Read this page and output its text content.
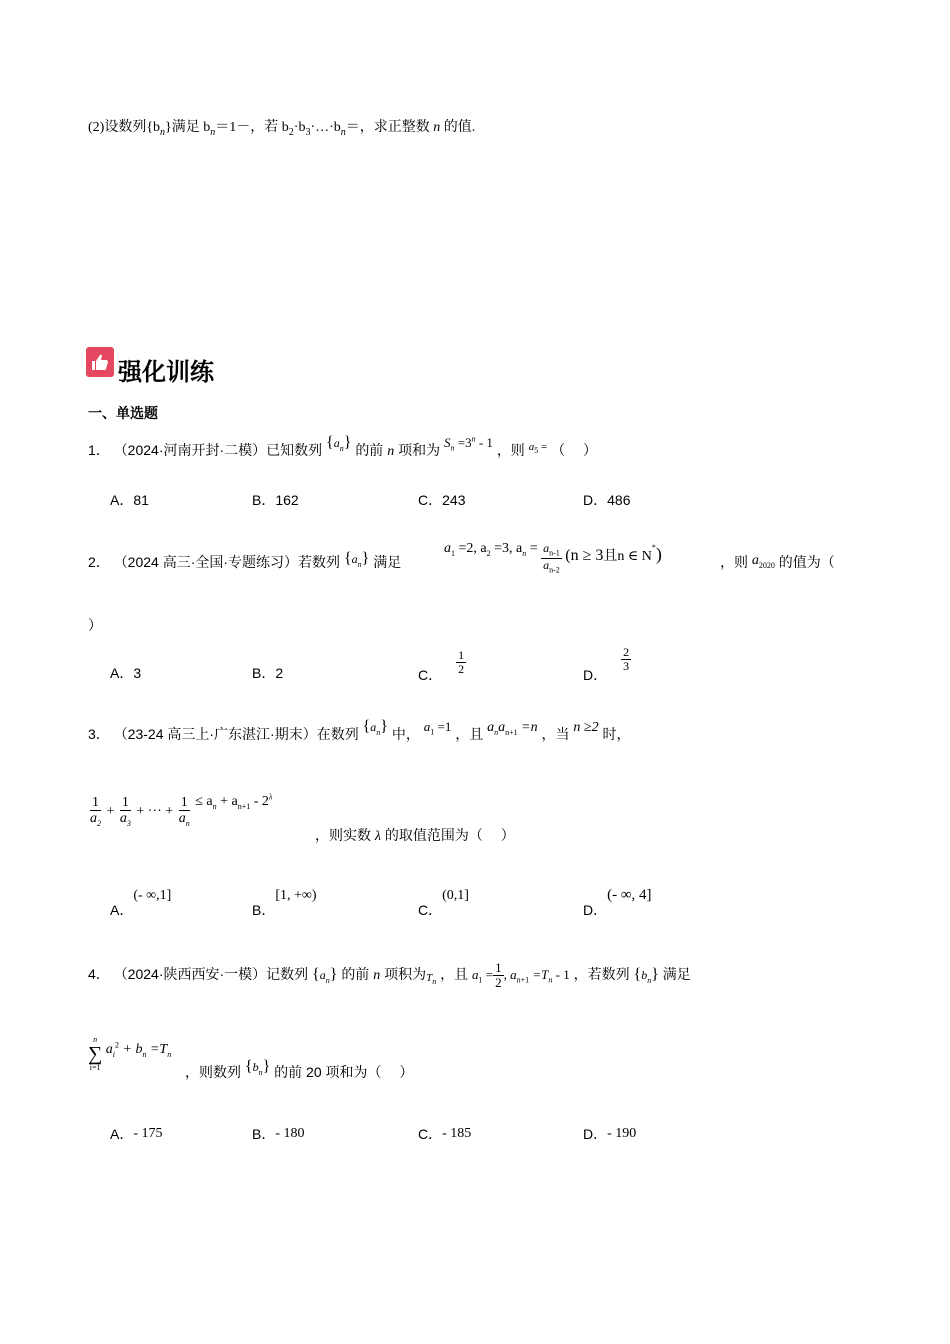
(2)设数列$\{b_n\}$满足 $b_n=1-$，若 $b_2\cdot b_3\cdot\dots\cdot b_n=$，求正整数 n 的值.
强化训练
一、单选题
1． （2024·河南开封·二模）已知数列 $\{a_n\}$ 的前 n 项和为 $S_n =3^n - 1$ ，则 $^{a_5 =}$ （　 ）
A．81	B．162	C．243	D．486
2． （2024 高三·全国·专题练习）若数列 $\{a_n\}$ 满足
$a_1 =2$, $a_2 =3$, $a_n = \frac{a_{n-1}}{a_{n-2}} (n \ge 3$且n ∈ N*)	，则 $a_{2020}$ 的值为（
）
A．3	B．2	C． $\frac{1}{2}$	D．
$\frac{2}{3}$
3． （23-24 高三上·广东湛江·期末）在数列 $\{a_n\}$ 中， $a_1 =1$ ，且 $a_na_{n+1} =n$ ，当 n ≥2 时，
$\frac{1}{a_2} + \frac{1}{a_3}$ + ··· + $\frac{1}{a_n} \le a_n + a_{n+1} - 2^\lambda$
，则实数 λ 的取值范围为（　 ）
A．(- ∞,1]
B．[1, +∞)
C．(0,1]
D．(- ∞, 4]
4． （2024·陕西西安·一模）记数列 $\{a_n\}$ 的前 n 项积为$T_n$ ，且 $a_1 = \frac{1}{2}$ , $a_{n+1} =T_n - 1$ ，若数列 $\{b_n\}$ 满足
n
∑
i=1
$a_i^2 + b_n =T_n$
，则数列 $\{b_n\}$ 的前 20 项和为（　 ）
A．- 175	B．- 180	C．- 185	D．- 190
